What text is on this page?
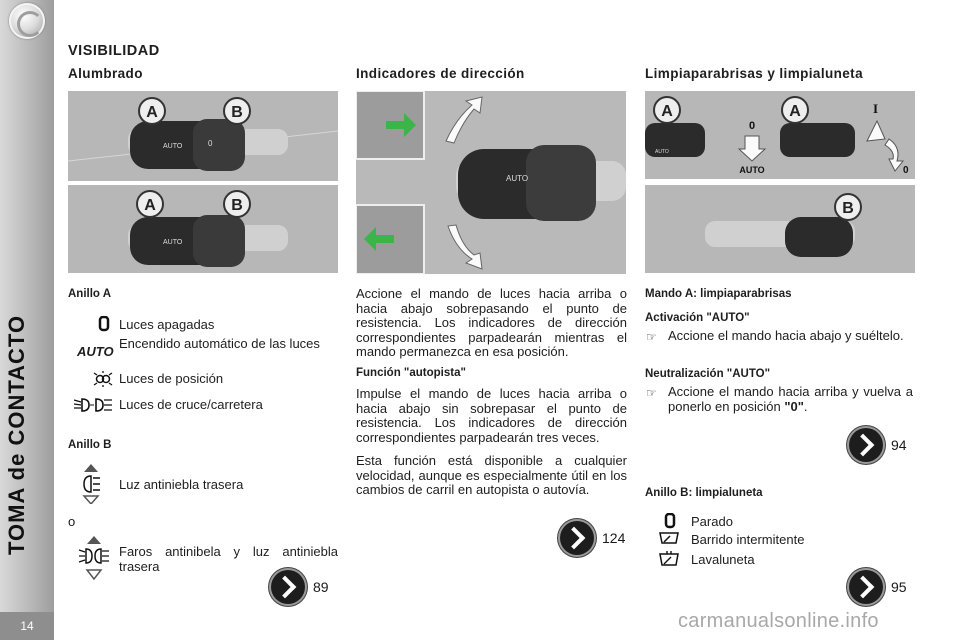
TOMA de CONTACTO
14
VISIBILIDAD
Alumbrado
AUTO	0
A	B
AUTO
A	B
Anillo A
Luces apagadas
AUTO
Encendido automático de las luces
Luces de posición
Luces de cruce/carretera
Anillo B
Luz antiniebla trasera
o
Faros antinibela y luz antiniebla trasera
89
Indicadores de dirección
AUTO
Accione el mando de luces hacia arriba o hacia abajo sobrepasando el punto de resistencia. Los indicadores de dirección correspondientes parpadearán mientras el mando permanezca en esa posición.
Función "autopista"
Impulse el mando de luces hacia arriba o hacia abajo sin sobrepasar el punto de resistencia. Los indicadores de dirección correspondientes parpadearán tres veces.
Esta función está disponible a cualquier velocidad, aunque es especialmente útil en los cambios de carril en autopista o autovía.
124
Limpiaparabrisas y limpialuneta
AUTO
A
0
AUTO
A	I
0
B
Mando A: limpiaparabrisas
Activación "AUTO"
☞ Accione el mando hacia abajo y suéltelo.
Neutralización "AUTO"
☞ Accione el mando hacia arriba y vuelva a ponerlo en posición "0".
94
Anillo B: limpialuneta
Parado
Barrido intermitente
Lavaluneta
95
carmanualsonline.info
